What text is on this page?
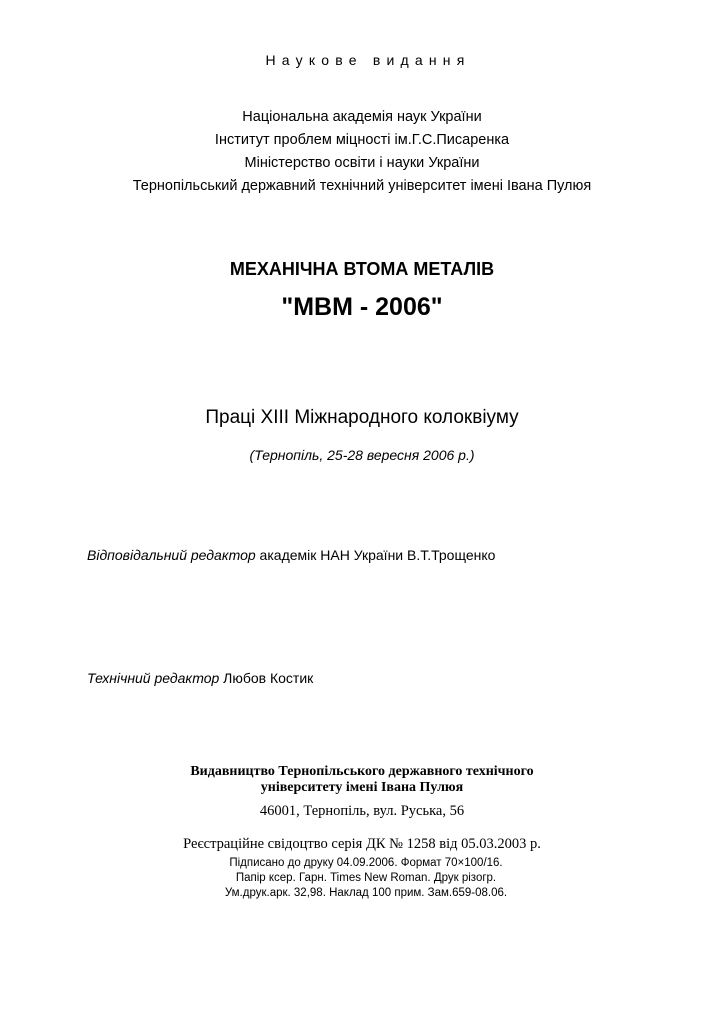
Наукове видання
Національна академія наук України
Інститут проблем міцності ім.Г.С.Писаренка
Міністерство освіти і науки України
Тернопільський державний технічний університет імені Івана Пулюя
МЕХАНІЧНА ВТОМА МЕТАЛІВ
"МВМ - 2006"
Праці XIII Міжнародного колоквіуму
(Тернопіль, 25-28 вересня 2006 р.)
Відповідальний редактор академік НАН України В.Т.Трощенко
Технічний редактор Любов Костик
Видавництво Тернопільського державного технічного
університету імені Івана Пулюя
46001, Тернопіль, вул. Руська, 56
Реєстраційне свідоцтво серія ДК № 1258 від 05.03.2003 р.
Підписано до друку 04.09.2006. Формат 70×100/16.
Папір ксер. Гарн. Times New Roman. Друк різогр.
Ум.друк.арк. 32,98. Наклад 100 прим. Зам.659-08.06.
